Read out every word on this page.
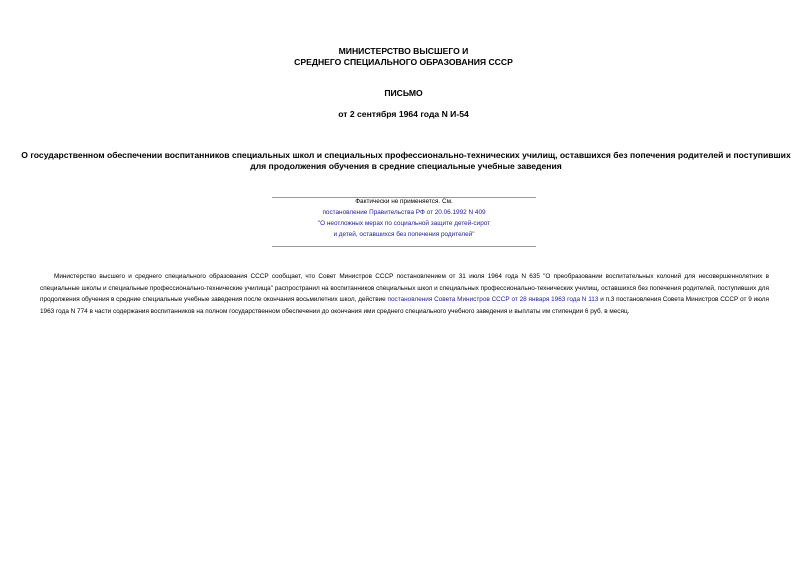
МИНИСТЕРСТВО ВЫСШЕГО И
СРЕДНЕГО СПЕЦИАЛЬНОГО ОБРАЗОВАНИЯ СССР
ПИСЬМО
от 2 сентября 1964 года N И-54
О государственном обеспечении воспитанников специальных школ и специальных профессионально-технических училищ, оставшихся без попечения родителей и поступивших для продолжения обучения в средние специальные учебные заведения
Фактически не применяется. См.
постановление Правительства РФ от 20.06.1992 N 409
"О неотложных мерах по социальной защите детей-сирот
и детей, оставшихся без попечения родителей"
Министерство высшего и среднего специального образования СССР сообщает, что Совет Министров СССР постановлением от 31 июля 1964 года N 635 "О преобразовании воспитательных колоний для несовершеннолетних в специальные школы и специальные профессионально-технические училища" распространил на воспитанников специальных школ и специальных профессионально-технических училищ, оставшихся без попечения родителей, поступивших для продолжения обучения в средние специальные учебные заведения после окончания восьмилетних школ, действие постановления Совета Министров СССР от 28 января 1963 года N 113 и п.3 постановления Совета Министров СССР от 9 июля 1963 года N 774 в части содержания воспитанников на полном государственном обеспечении до окончания ими среднего специального учебного заведения и выплаты им стипендии 6 руб. в месяц.
